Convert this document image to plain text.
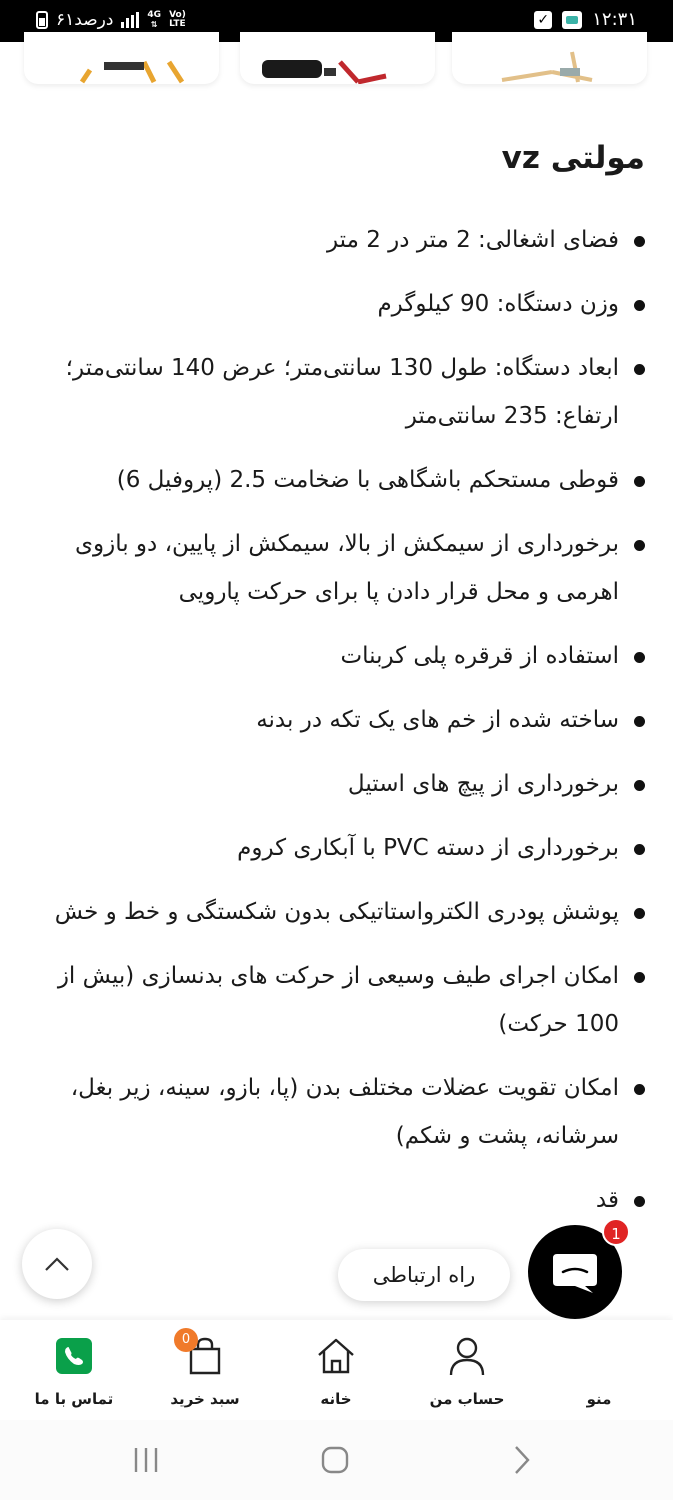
۶۱درصد	4G
⇅
Vo)
LTE	✓ ۱۲:۳۱
مولتی vz
فضای اشغالی: 2 متر در 2 متر
وزن دستگاه: 90 کیلوگرم
ابعاد دستگاه: طول 130 سانتی‌متر؛ عرض 140 سانتی‌متر؛ ارتفاع: 235 سانتی‌متر
قوطی مستحکم باشگاهی با ضخامت 2.5 (پروفیل 6)
برخورداری از سیمکش از بالا، سیمکش از پایین، دو بازوی اهرمی و محل قرار دادن پا برای حرکت پارویی
استفاده از قرقره پلی کربنات
ساخته شده از خم های یک تکه در بدنه
برخورداری از پیچ های استیل
برخورداری از دسته PVC با آبکاری کروم
پوشش پودری الکترواستاتیکی بدون شکستگی و خط و خش
امکان اجرای طیف وسیعی از حرکت های بدنسازی (بیش از 100 حرکت)
امکان تقویت عضلات مختلف بدن (پا، بازو، سینه، زیر بغل، سرشانه، پشت و شکم)
قد
راه ارتباطی
1
منو
حساب من
خانه
0
سبد خرید
تماس با ما
